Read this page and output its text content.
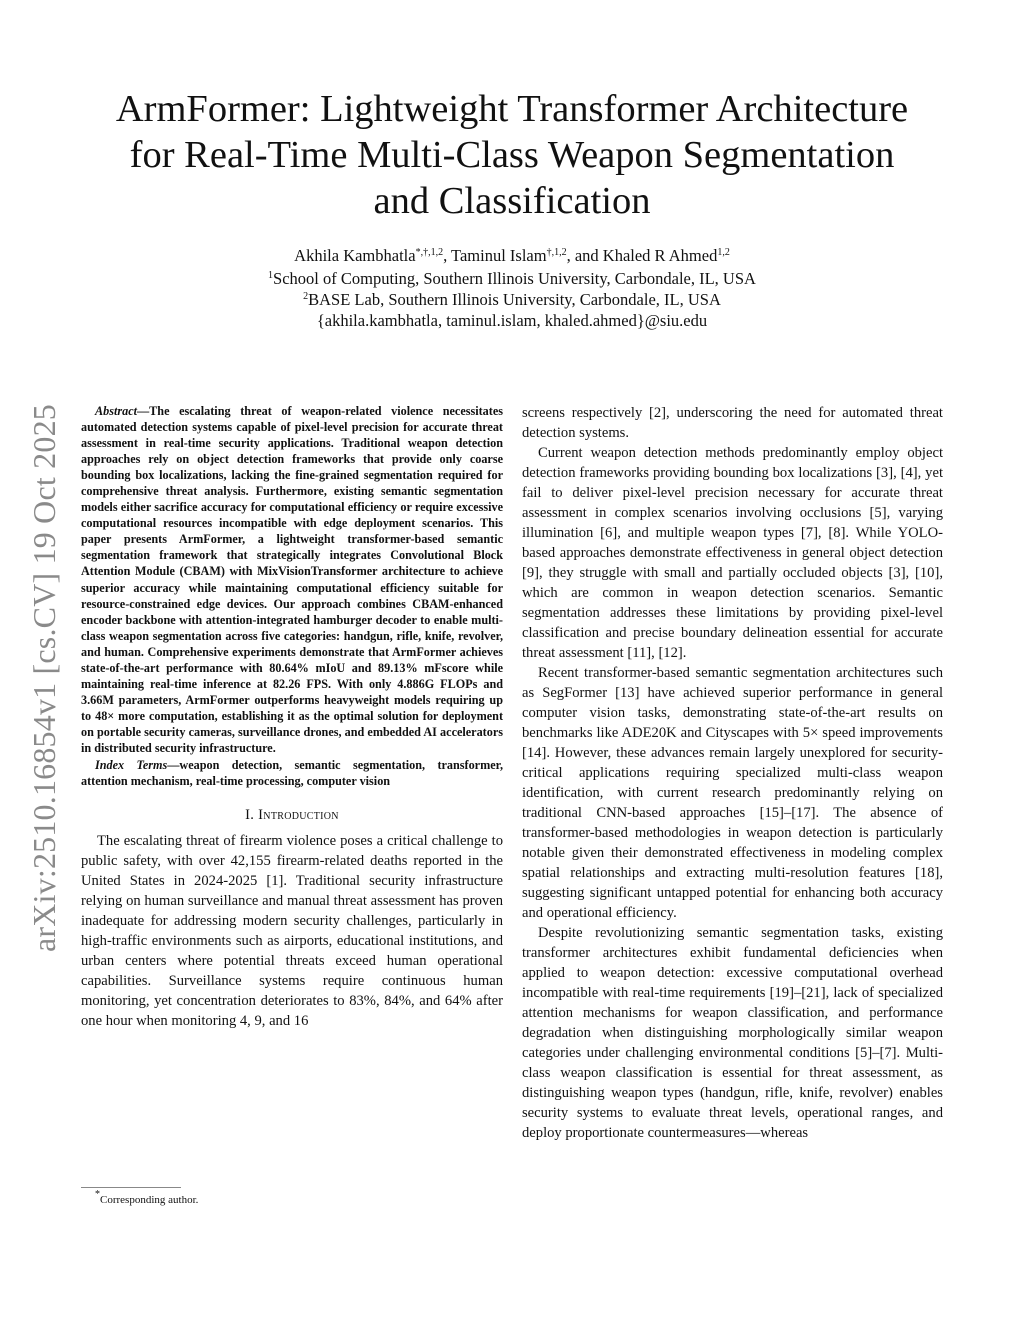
arXiv:2510.16854v1 [cs.CV] 19 Oct 2025
ArmFormer: Lightweight Transformer Architecture
for Real-Time Multi-Class Weapon Segmentation
and Classification
Akhila Kambhatla$^{*,\dagger,1,2}$, Taminul Islam$^{\dagger,1,2}$, and Khaled R Ahmed$^{1,2}$
$^1$School of Computing, Southern Illinois University, Carbondale, IL, USA
$^2$BASE Lab, Southern Illinois University, Carbondale, IL, USA
{akhila.kambhatla, taminul.islam, khaled.ahmed}@siu.edu
Abstract—The escalating threat of weapon-related violence necessitates automated detection systems capable of pixel-level precision for accurate threat assessment in real-time security applications. Traditional weapon detection approaches rely on object detection frameworks that provide only coarse bounding box localizations, lacking the fine-grained segmentation required for comprehensive threat analysis. Furthermore, existing semantic segmentation models either sacrifice accuracy for computational efficiency or require excessive computational resources incompatible with edge deployment scenarios. This paper presents ArmFormer, a lightweight transformer-based semantic segmentation framework that strategically integrates Convolutional Block Attention Module (CBAM) with MixVisionTransformer architecture to achieve superior accuracy while maintaining computational efficiency suitable for resource-constrained edge devices. Our approach combines CBAM-enhanced encoder backbone with attention-integrated hamburger decoder to enable multi-class weapon segmentation across five categories: handgun, rifle, knife, revolver, and human. Comprehensive experiments demonstrate that ArmFormer achieves state-of-the-art performance with 80.64% mIoU and 89.13% mFscore while maintaining real-time inference at 82.26 FPS. With only 4.886G FLOPs and 3.66M parameters, ArmFormer outperforms heavyweight models requiring up to 48× more computation, establishing it as the optimal solution for deployment on portable security cameras, surveillance drones, and embedded AI accelerators in distributed security infrastructure.
Index Terms—weapon detection, semantic segmentation, transformer, attention mechanism, real-time processing, computer vision
I. Introduction

The escalating threat of firearm violence poses a critical challenge to public safety, with over 42,155 firearm-related deaths reported in the United States in 2024-2025 [1]. Traditional security infrastructure relying on human surveillance and manual threat assessment has proven inadequate for addressing modern security challenges, particularly in high-traffic environments such as airports, educational institutions, and urban centers where potential threats exceed human operational capabilities. Surveillance systems require continuous human monitoring, yet concentration deteriorates to 83%, 84%, and 64% after one hour when monitoring 4, 9, and 16

*Corresponding author.

screens respectively [2], underscoring the need for automated threat detection systems.

Current weapon detection methods predominantly employ object detection frameworks providing bounding box localizations [3], [4], yet fail to deliver pixel-level precision necessary for accurate threat assessment in complex scenarios involving occlusions [5], varying illumination [6], and multiple weapon types [7], [8]. While YOLO-based approaches demonstrate effectiveness in general object detection [9], they struggle with small and partially occluded objects [3], [10], which are common in weapon detection scenarios. Semantic segmentation addresses these limitations by providing pixel-level classification and precise boundary delineation essential for accurate threat assessment [11], [12].

Recent transformer-based semantic segmentation architectures such as SegFormer [13] have achieved superior performance in general computer vision tasks, demonstrating state-of-the-art results on benchmarks like ADE20K and Cityscapes with 5× speed improvements [14]. However, these advances remain largely unexplored for security-critical applications requiring specialized multi-class weapon identification, with current research predominantly relying on traditional CNN-based approaches [15]–[17]. The absence of transformer-based methodologies in weapon detection is particularly notable given their demonstrated effectiveness in modeling complex spatial relationships and extracting multi-resolution features [18], suggesting significant untapped potential for enhancing both accuracy and operational efficiency.

Despite revolutionizing semantic segmentation tasks, existing transformer architectures exhibit fundamental deficiencies when applied to weapon detection: excessive computational overhead incompatible with real-time requirements [19]–[21], lack of specialized attention mechanisms for weapon classification, and performance degradation when distinguishing morphologically similar weapon categories under challenging environmental conditions [5]–[7]. Multi-class weapon classification is essential for threat assessment, as distinguishing weapon types (handgun, rifle, knife, revolver) enables security systems to evaluate threat levels, operational ranges, and deploy proportionate countermeasures—whereas
